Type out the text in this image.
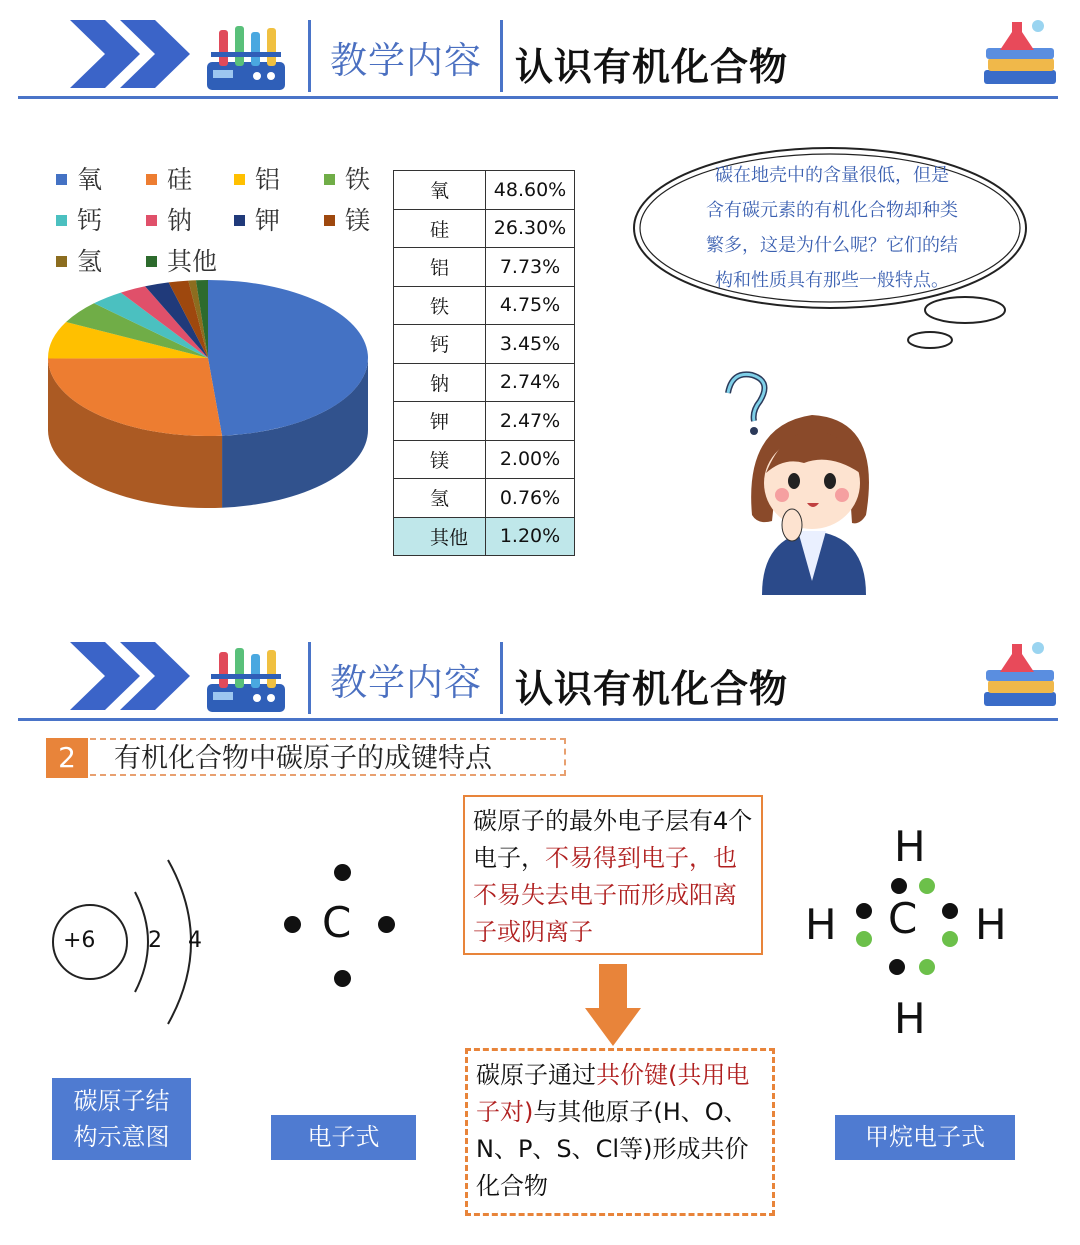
教学内容 认识有机化合物
氧	硅	铝	铁
钙	钠	钾	镁
氢	其他
氧	48.60%
硅	26.30%
铝	7.73%
铁	4.75%
钙	3.45%
钠	2.74%
钾	2.47%
镁	2.00%
氢	0.76%
其他	1.20%
碳在地壳中的含量很低，但是
含有碳元素的有机化合物却种类
繁多，这是为什么呢？它们的结
构和性质具有那些一般特点。
教学内容 认识有机化合物
2	有机化合物中碳原子的成键特点
+6 2 4	C
碳原子的最外电子层有4个电子，不易得到电子，也不易失去电子而形成阳离子或阴离子
碳原子通过共价键(共用电子对)与其他原子(H、O、N、P、S、Cl等)形成共价化合物
C
H
H
H	H
碳原子结
构示意图	电子式	甲烷电子式
